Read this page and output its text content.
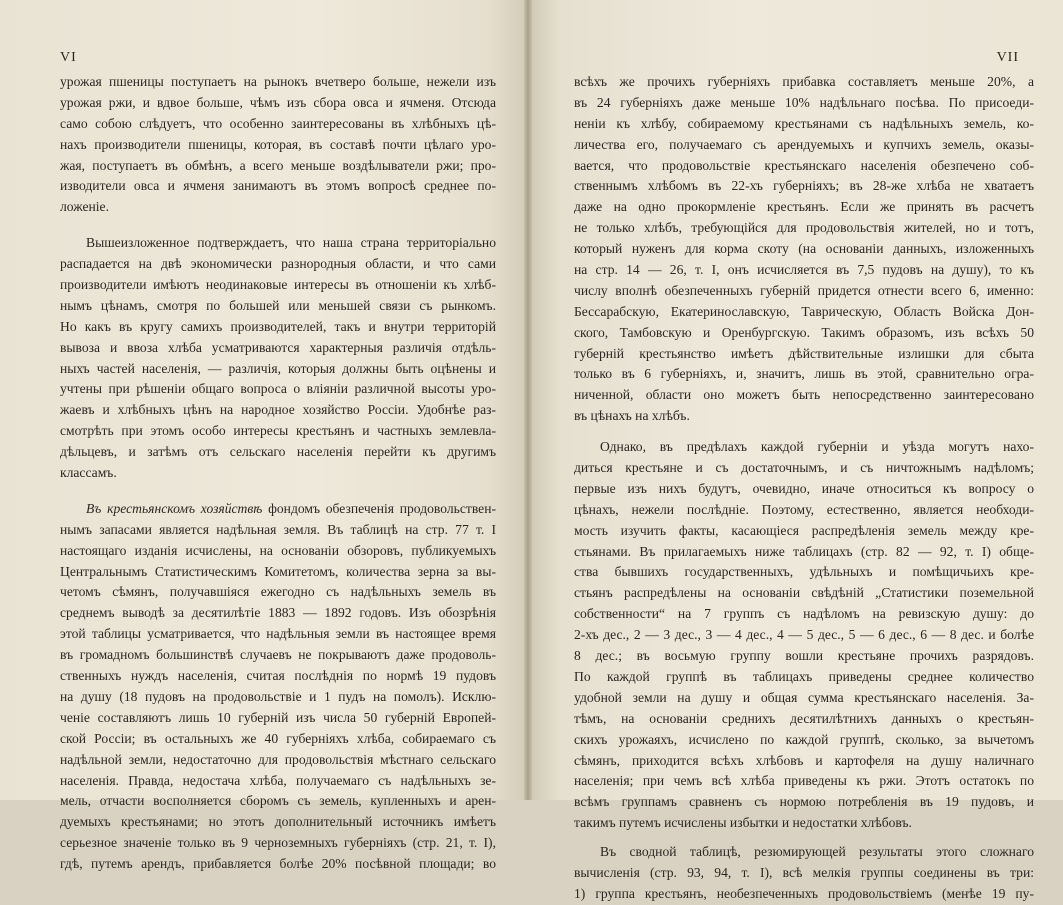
VI
урожая пшеницы поступаетъ на рынокъ вчетверо больше, нежели изъ
урожая ржи, и вдвое больше, чѣмъ изъ сбора овса и ячменя. Отсюда
само собою слѣдуетъ, что особенно заинтересованы въ хлѣбныхъ цѣ-
нахъ производители пшеницы, которая, въ составѣ почти цѣлаго уро-
жая, поступаетъ въ обмѣнъ, а всего меньше воздѣлыватели ржи; про-
изводители овса и ячменя занимаютъ въ этомъ вопросѣ среднее по-
ложеніе.
Вышеизложенное подтверждаетъ, что наша страна территоріально
распадается на двѣ экономически разнородныя области, и что сами
производители имѣютъ неодинаковые интересы въ отношеніи къ хлѣб-
нымъ цѣнамъ, смотря по большей или меньшей связи съ рынкомъ.
Но какъ въ кругу самихъ производителей, такъ и внутри территорій
вывоза и ввоза хлѣба усматриваются характерныя различія отдѣль-
ныхъ частей населенія, — различія, которыя должны быть оцѣнены и
учтены при рѣшеніи общаго вопроса о вліяніи различной высоты уро-
жаевъ и хлѣбныхъ цѣнъ на народное хозяйство Россіи. Удобнѣе раз-
смотрѣть при этомъ особо интересы крестьянъ и частныхъ землевла-
дѣльцевъ, и затѣмъ отъ сельскаго населенія перейти къ другимъ
классамъ.
Въ крестьянскомъ хозяйствѣ фондомъ обезпеченія продовольствен-
нымъ запасами является надѣльная земля. Въ таблицѣ на стр. 77 т. I
настоящаго изданія исчислены, на основаніи обзоровъ, публикуемыхъ
Центральнымъ Статистическимъ Комитетомъ, количества зерна за вы-
четомъ сѣмянъ, получавшіяся ежегодно съ надѣльныхъ земель въ
среднемъ выводѣ за десятилѣтіе 1883 — 1892 годовъ. Изъ обозрѣнія
этой таблицы усматривается, что надѣльныя земли въ настоящее время
въ громадномъ большинствѣ случаевъ не покрываютъ даже продоволь-
ственныхъ нуждъ населенія, считая послѣднія по нормѣ 19 пудовъ
на душу (18 пудовъ на продовольствіе и 1 пудъ на помолъ). Исклю-
ченіе составляютъ лишь 10 губерній изъ числа 50 губерній Европей-
ской Россіи; въ остальныхъ же 40 губерніяхъ хлѣба, собираемаго съ
надѣльной земли, недостаточно для продовольствія мѣстнаго сельскаго
населенія. Правда, недостача хлѣба, получаемаго съ надѣльныхъ зе-
мель, отчасти восполняется сборомъ съ земель, купленныхъ и арен-
дуемыхъ крестьянами; но этотъ дополнительный источникъ имѣетъ
серьезное значеніе только въ 9 черноземныхъ губерніяхъ (стр. 21, т. I),
гдѣ, путемъ арендъ, прибавляется болѣе 20% посѣвной площади; во
VII
всѣхъ же прочихъ губерніяхъ прибавка составляетъ меньше 20%, а
въ 24 губерніяхъ даже меньше 10% надѣльнаго посѣва. По присоеди-
неніи къ хлѣбу, собираемому крестьянами съ надѣльныхъ земель, ко-
личества его, получаемаго съ арендуемыхъ и купчихъ земель, оказы-
вается, что продовольствіе крестьянскаго населенія обезпечено соб-
ственнымъ хлѣбомъ въ 22-хъ губерніяхъ; въ 28-же хлѣба не хватаетъ
даже на одно прокормленіе крестьянъ. Если же принять въ расчетъ
не только хлѣбъ, требующійся для продовольствія жителей, но и тотъ,
который нуженъ для корма скоту (на основаніи данныхъ, изложенныхъ
на стр. 14 — 26, т. I, онъ исчисляется въ 7,5 пудовъ на душу), то къ
числу вполнѣ обезпеченныхъ губерній придется отнести всего 6, именно:
Бессарабскую, Екатеринославскую, Таврическую, Область Войска Дон-
ского, Тамбовскую и Оренбургскую. Такимъ образомъ, изъ всѣхъ 50
губерній крестьянство имѣетъ дѣйствительные излишки для сбыта
только въ 6 губерніяхъ, и, значитъ, лишь въ этой, сравнительно огра-
ниченной, области оно можетъ быть непосредственно заинтересовано
въ цѣнахъ на хлѣбъ.
Однако, въ предѣлахъ каждой губерніи и уѣзда могутъ нахо-
диться крестьяне и съ достаточнымъ, и съ ничтожнымъ надѣломъ;
первые изъ нихъ будутъ, очевидно, иначе относиться къ вопросу о
цѣнахъ, нежели послѣдніе. Поэтому, естественно, является необходи-
мость изучить факты, касающіеся распредѣленія земель между кре-
стьянами. Въ прилагаемыхъ ниже таблицахъ (стр. 82 — 92, т. I) обще-
ства бывшихъ государственныхъ, удѣльныхъ и помѣщичьихъ кре-
стьянъ распредѣлены на основаніи свѣдѣній „Статистики поземельной
собственности“ на 7 группъ съ надѣломъ на ревизскую душу: до
2-хъ дес., 2 — 3 дес., 3 — 4 дес., 4 — 5 дес., 5 — 6 дес., 6 — 8 дес. и болѣе
8 дес.; въ восьмую группу вошли крестьяне прочихъ разрядовъ.
По каждой группѣ въ таблицахъ приведены среднее количество
удобной земли на душу и общая сумма крестьянскаго населенія. За-
тѣмъ, на основаніи среднихъ десятилѣтнихъ данныхъ о крестьян-
скихъ урожаяхъ, исчислено по каждой группѣ, сколько, за вычетомъ
сѣмянъ, приходится всѣхъ хлѣбовъ и картофеля на душу наличнаго
населенія; при чемъ всѣ хлѣба приведены къ ржи. Этотъ остатокъ по
всѣмъ группамъ сравненъ съ нормою потребленія въ 19 пудовъ, и
такимъ путемъ исчислены избытки и недостатки хлѣбовъ.
Въ сводной таблицѣ, резюмирующей результаты этого сложнаго
вычисленія (стр. 93, 94, т. I), всѣ мелкія группы соединены въ три:
1) группа крестьянъ, необезпеченныхъ продовольствіемъ (менѣе 19 пу-
